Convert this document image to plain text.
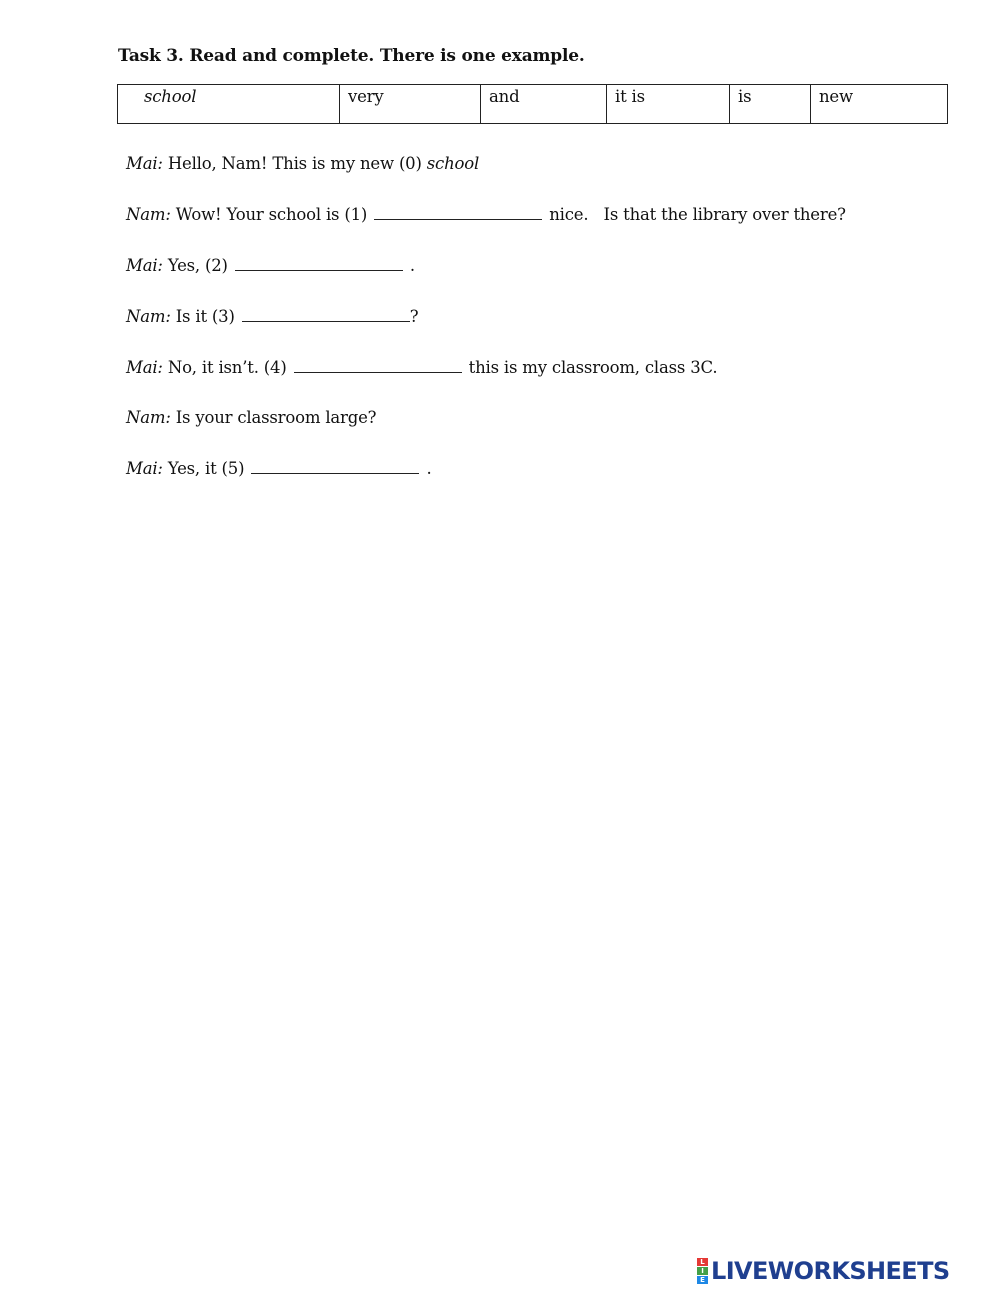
Task 3. Read and complete. There is one example.
school	very	and	it is	is	new
Mai: Hello, Nam! This is my new (0) school
Nam: Wow! Your school is (1)	nice.   Is that the library over there?
Mai: Yes, (2)	.
Nam: Is it (3)	?
Mai: No, it isn’t. (4)	this is my classroom, class 3C.
Nam: Is your classroom large?
Mai: Yes, it (5)	.
L
I
E LIVEWORKSHEETS
